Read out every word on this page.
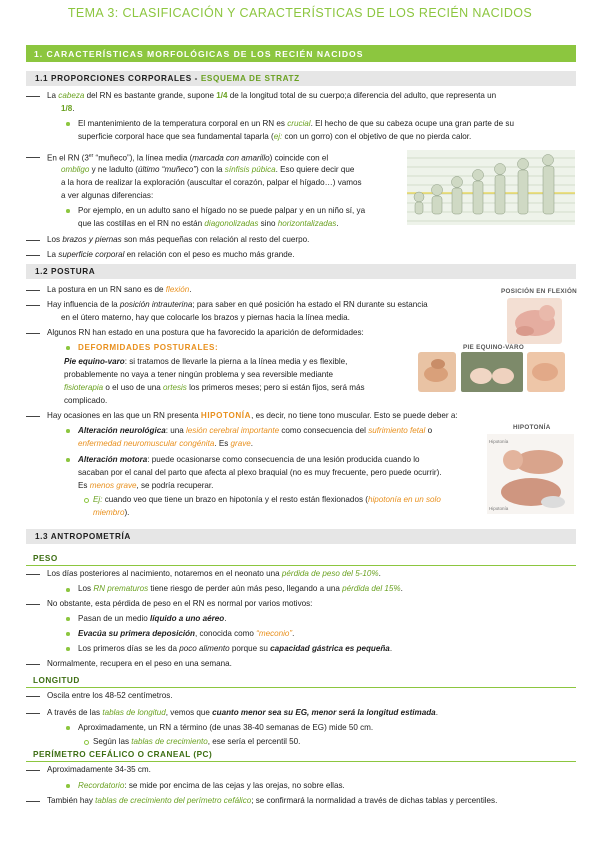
TEMA 3: CLASIFICACIÓN Y CARACTERÍSTICAS DE LOS RECIÉN NACIDOS
1. CARACTERÍSTICAS MORFOLÓGICAS DE LOS RECIÉN NACIDOS
1.1 PROPORCIONES CORPORALES - ESQUEMA DE STRATZ
La cabeza del RN es bastante grande, supone 1/4 de la longitud total de su cuerpo;a diferencia del adulto, que representa un
1/8.
El mantenimiento de la temperatura corporal en un RN es crucial. El hecho de que su cabeza ocupe una gran parte de su
superficie corporal hace que sea fundamental taparla (ej: con un gorro) con el objetivo de que no pierda calor.
En el RN (3er “muñeco”), la línea media (marcada con amarillo) coincide con el
ombligo y ne ladulto (último “muñeco”) con la sínfisis púbica. Eso quiere decir que
a la hora de realizar la exploración (auscultar el corazón, palpar el hígado…) vamos
a ver algunas diferencias:
Por ejemplo, en un adulto sano el hígado no se puede palpar y en un niño sí, ya
que las costillas en el RN no están diagonolizadas sino horizontalizadas.
Los brazos y piernas son más pequeñas con relación al resto del cuerpo.
La superficie corporal en relación con el peso es mucho más grande.
1.2 POSTURA
POSICIÓN EN FLEXIÓN
La postura en un RN sano es de flexión.
Hay influencia de la posición intrauterina; para saber en qué posición ha estado el RN durante su estancia
en el útero materno, hay que colocarle los brazos y piernas hacia la línea media.
Algunos RN han estado en una postura que ha favorecido la aparición de deformidades:
DEFORMIDADES POSTURALES:
Pie equino-varo: si tratamos de llevarle la pierna a la línea media y es flexible,
probablemente no vaya a tener ningún problema y sea reversible mediante
fisioterapia o el uso de una ortesis los primeros meses; pero si están fijos, será más
complicado.
PIE EQUINO-VARO
Hay ocasiones en las que un RN presenta HIPOTONÍA, es decir, no tiene tono muscular. Esto se puede deber a:
Alteración neurológica: una lesión cerebral importante como consecuencia del sufrimiento fetal o
enfermedad neuromuscular congénita. Es grave.
Alteración motora: puede ocasionarse como consecuencia de una lesión producida cuando lo
sacaban por el canal del parto que afecta al plexo braquial (no es muy frecuente, pero puede ocurrir).
Es menos grave, se podría recuperar.
Ej: cuando veo que tiene un brazo en hipotonía y el resto están flexionados (hipotonía en un solo
miembro).
HIPOTONÍA
Hipotonía
Hipotonía
1.3 ANTROPOMETRÍA
PESO
Los días posteriores al nacimiento, notaremos en el neonato una pérdida de peso del 5-10%.
Los RN prematuros tiene riesgo de perder aún más peso, llegando a una pérdida del 15%.
No obstante, esta pérdida de peso en el RN es normal por varios motivos:
Pasan de un medio líquido a uno aéreo.
Evacúa su primera deposición, conocida como “meconio”.
Los primeros días se les da poco alimento porque su capacidad gástrica es pequeña.
Normalmente, recupera en el peso en una semana.
LONGITUD
Oscila entre los 48-52 centímetros.
A través de las tablas de longitud, vemos que cuanto menor sea su EG, menor será la longitud estimada.
Aproximadamente, un RN a término (de unas 38-40 semanas de EG) mide 50 cm.
Según las tablas de crecimiento, ese sería el percentil 50.
PERÍMETRO CEFÁLICO O CRANEAL (PC)
Aproximadamente 34-35 cm.
Recordatorio: se mide por encima de las cejas y las orejas, no sobre ellas.
También hay tablas de crecimiento del perímetro cefálico; se confirmará la normalidad a través de dichas tablas y percentiles.
